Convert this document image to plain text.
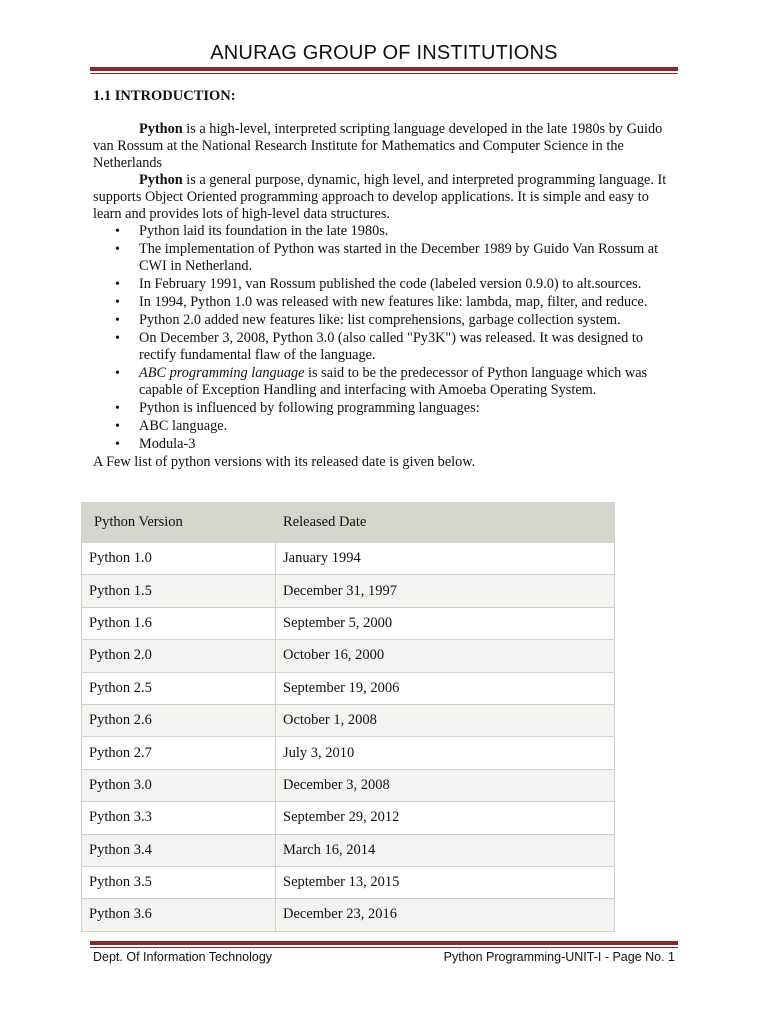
ANURAG GROUP OF INSTITUTIONS
1.1 INTRODUCTION:

Python is a high-level, interpreted scripting language developed in the late 1980s by Guido van Rossum at the National Research Institute for Mathematics and Computer Science in the Netherlands

Python is a general purpose, dynamic, high level, and interpreted programming language. It supports Object Oriented programming approach to develop applications. It is simple and easy to learn and provides lots of high-level data structures.

• Python laid its foundation in the late 1980s.
• The implementation of Python was started in the December 1989 by Guido Van Rossum at CWI in Netherland.
• In February 1991, van Rossum published the code (labeled version 0.9.0) to alt.sources.
• In 1994, Python 1.0 was released with new features like: lambda, map, filter, and reduce.
• Python 2.0 added new features like: list comprehensions, garbage collection system.
• On December 3, 2008, Python 3.0 (also called "Py3K") was released. It was designed to rectify fundamental flaw of the language.
• ABC programming language is said to be the predecessor of Python language which was capable of Exception Handling and interfacing with Amoeba Operating System.
• Python is influenced by following programming languages:
• ABC language.
• Modula-3
A Few list of python versions with its released date is given below.
Python Version	Released Date
Python 1.0	January 1994
Python 1.5	December 31, 1997
Python 1.6	September 5, 2000
Python 2.0	October 16, 2000
Python 2.5	September 19, 2006
Python 2.6	October 1, 2008
Python 2.7	July 3, 2010
Python 3.0	December 3, 2008
Python 3.3	September 29, 2012
Python 3.4	March 16, 2014
Python 3.5	September 13, 2015
Python 3.6	December 23, 2016
Dept. Of Information Technology	Python Programming-UNIT-I - Page No. 1
